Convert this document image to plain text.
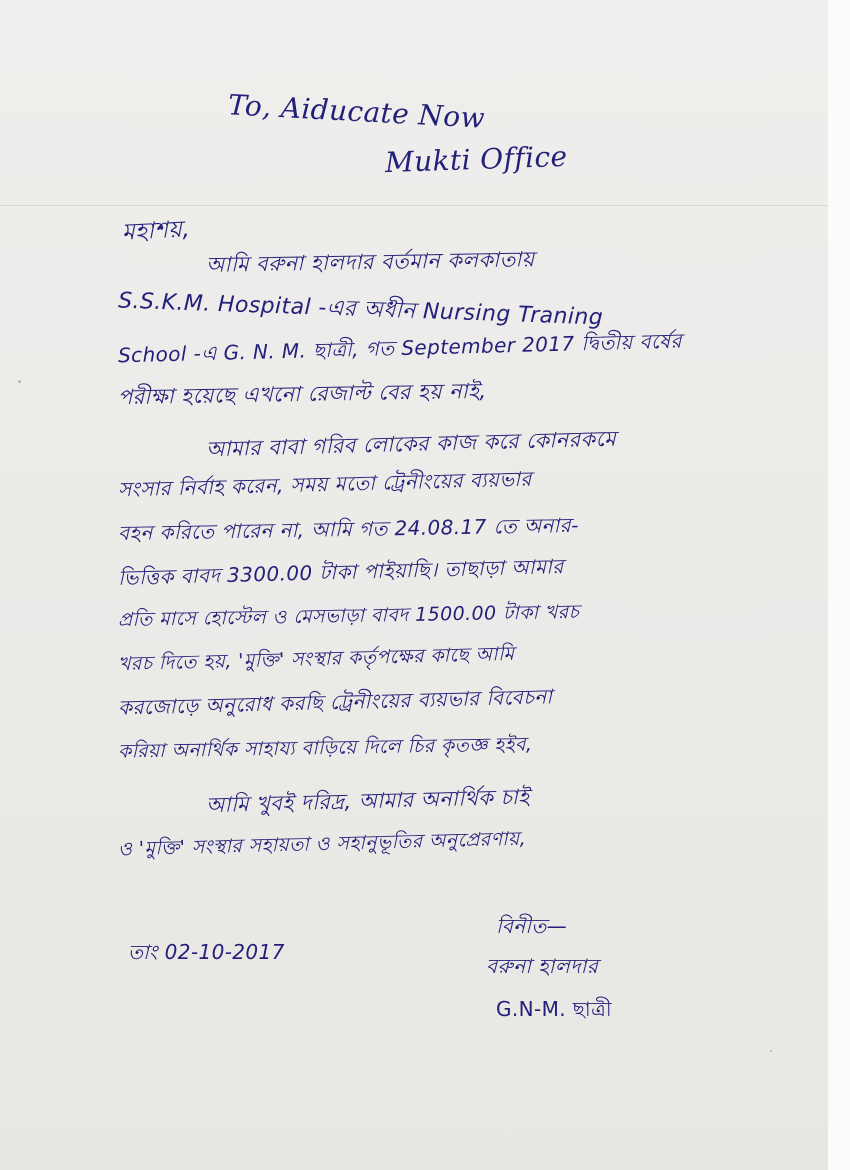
To, Aiduc​ate Now
Mukti Office
মহাশয়,
আমি বরুনা হালদার বর্তমান কলকাতায়
S.S.K.M. Hospital -এর অধীন Nursing Traning
School -এ G. N. M. ছাত্রী, গত September 2017 দ্বিতীয় বর্ষের
পরীক্ষা হয়েছে এখনো রেজাল্ট বের হয় নাই,
আমার বাবা গরিব লোকের কাজ করে কোনরকমে
সংসার নির্বাহ করেন, সময় মতো ট্রেনীংয়ের ব্যয়ভার
বহন করিতে পারেন না, আমি গত 24.08.17 তে অনার-
ভিত্তিক বাবদ 3300.00 টাকা পাইয়াছি। তাছাড়া আমার
প্রতি মাসে হোস্টেল ও মেসভাড়া বাবদ 1500.00 টাকা খরচ
খরচ দিতে হয়, 'মুক্তি' সংস্থার কর্তৃপক্ষের কাছে আমি
করজোড়ে অনুরোধ করছি ট্রেনীংয়ের ব্যয়ভার বিবেচনা
করিয়া অনার্থিক সাহায্য বাড়িয়ে দিলে চির কৃতজ্ঞ হইব,
আমি খুবই দরিদ্র, আমার অনার্থিক চাই
ও 'মুক্তি' সংস্থার সহায়তা ও সহানুভূতির অনুপ্রেরণায়,
তাং 02-10-2017
বিনীত—
বরুনা হালদার
G.N-M. ছাত্রী
